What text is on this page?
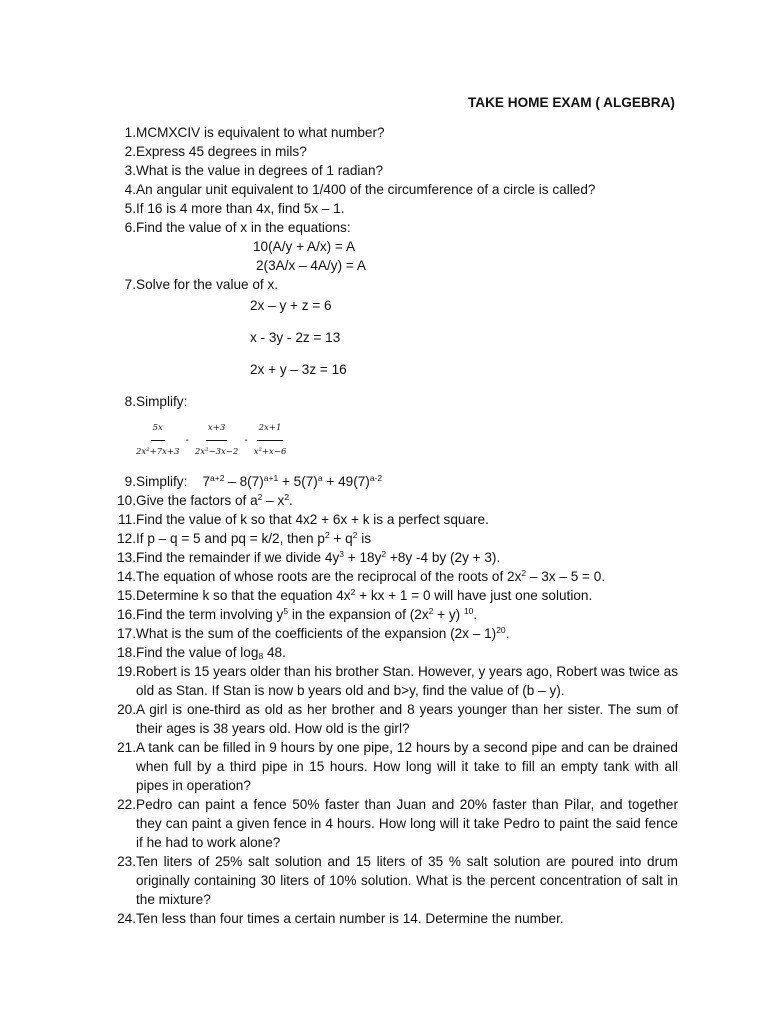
TAKE HOME EXAM ( ALGEBRA)
1. MCMXCIV is equivalent to what number?
2. Express 45 degrees in mils?
3. What is the value in degrees of 1 radian?
4. An angular unit equivalent to 1/400 of the circumference of a circle is called?
5. If 16 is 4 more than 4x, find 5x – 1.
6. Find the value of x in the equations:
10(A/y + A/x) = A
2(3A/x – 4A/y) = A
7. Solve for the value of x.
2x – y + z = 6
x - 3y - 2z = 13
2x + y – 3z = 16
8. Simplify:
$\frac{5x}{\text{2x²+7x+3}} - \frac{x+3}{\text{2x²−3x−2}} - \frac{2x+1}{\text{x²+x−6}}$
9. Simplify:    $7^{a+2} - 8(7)^{a+1} + 5(7)^a + 49(7)^{a-2}$
10. Give the factors of $a^2 - x^2$.
11. Find the value of k so that 4x2 + 6x + k is a perfect square.
12. If p – q = 5 and pq = k/2, then $p^2 + q^2$ is
13. Find the remainder if we divide $4y^3 + 18y^2 +8y$ -4 by (2y + 3).
14. The equation of whose roots are the reciprocal of the roots of $2x^2 - 3x - 5 = 0$.
15. Determine k so that the equation $4x^2$ + kx + 1 = 0 will have just one solution.
16. Find the term involving $y^5$ in the expansion of $(2x^2 + y)$ $^{10}$.
17. What is the sum of the coefficients of the expansion (2x – 1)$^{20}$.
18. Find the value of $\log_8 48$.
19. Robert is 15 years older than his brother Stan. However, y years ago, Robert was twice as old as Stan. If Stan is now b years old and b>y, find the value of (b – y).
20. A girl is one-third as old as her brother and 8 years younger than her sister. The sum of their ages is 38 years old. How old is the girl?
21. A tank can be filled in 9 hours by one pipe, 12 hours by a second pipe and can be drained when full by a third pipe in 15 hours. How long will it take to fill an empty tank with all pipes in operation?
22. Pedro can paint a fence 50% faster than Juan and 20% faster than Pilar, and together they can paint a given fence in 4 hours. How long will it take Pedro to paint the said fence if he had to work alone?
23. Ten liters of 25% salt solution and 15 liters of 35 % salt solution are poured into drum originally containing 30 liters of 10% solution. What is the percent concentration of salt in the mixture?
24. Ten less than four times a certain number is 14. Determine the number.
